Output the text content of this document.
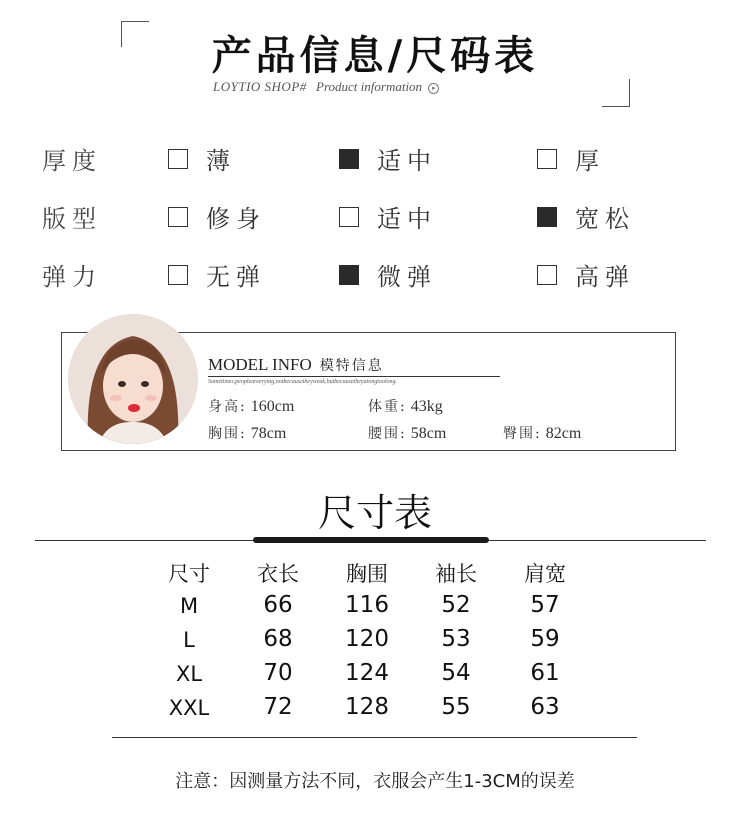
产品信息/尺码表
LOYTIO SHOP# Product information ▸
厚度	薄	适中	厚
版型	修身	适中	宽松
弹力	无弹	微弹	高弹
MODEL INFO 模特信息
Sometimes,peopleareerying,notbecausetheyweak,butbecausetheyatongtoolong.
身高: 160cm	体重: 43kg
胸围: 78cm	腰围: 58cm	臀围: 82cm
尺寸表
尺寸	衣长	胸围	袖长	肩宽
M	66	116	52	57
L	68	120	53	59
XL	70	124	54	61
XXL	72	128	55	63
注意：因测量方法不同，衣服会产生1-3CM的误差
